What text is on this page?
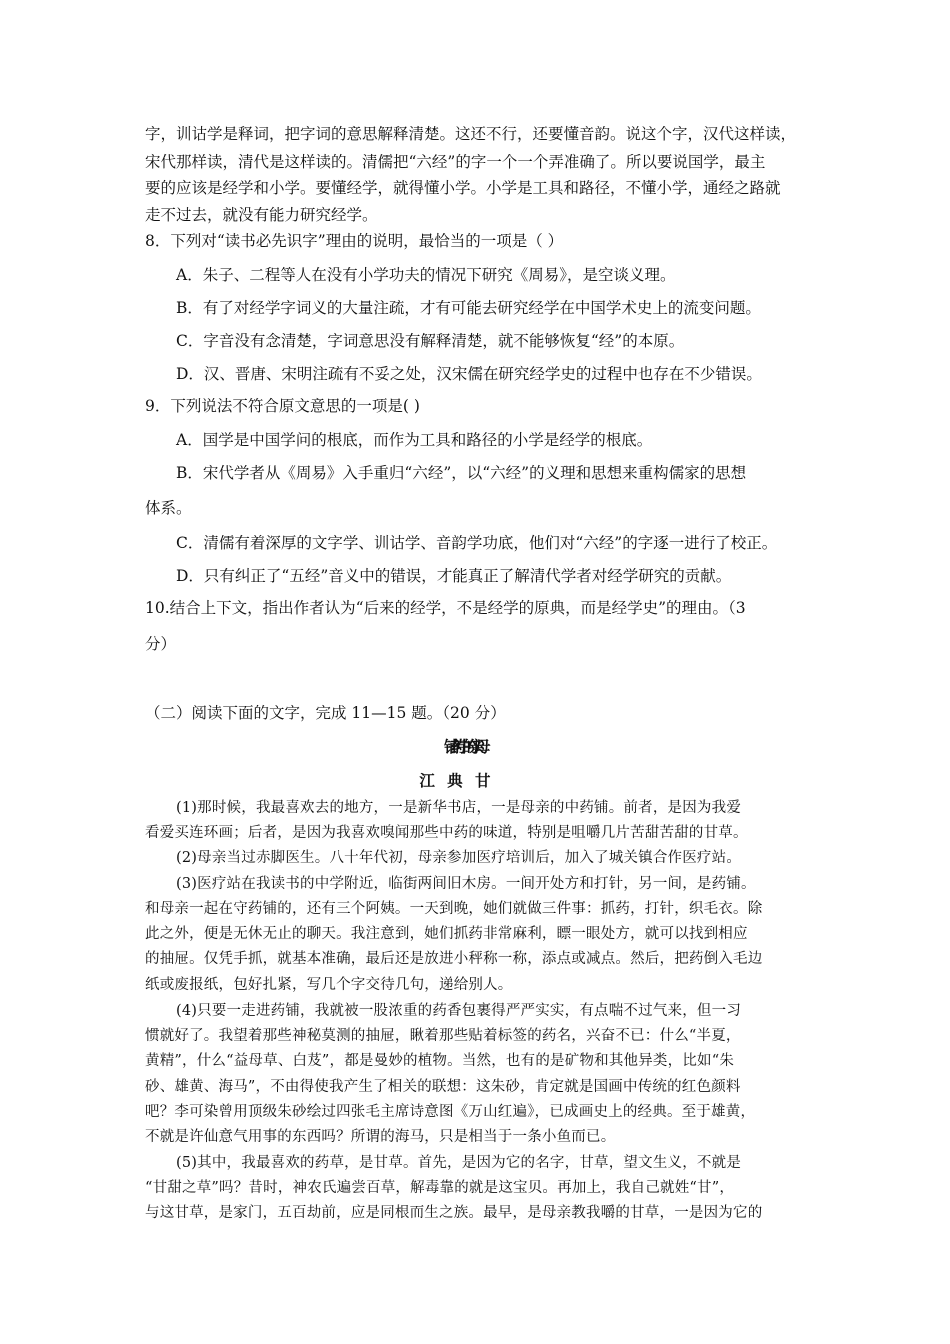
字，训诂学是释词，把字词的意思解释清楚。这还不行，还要懂音韵。说这个字，汉代这样读，
宋代那样读，清代是这样读的。清儒把“六经”的字一个一个弄准确了。所以要说国学，最主
要的应该是经学和小学。要懂经学，就得懂小学。小学是工具和路径，不懂小学，通经之路就
走不过去，就没有能力研究经学。
8．下列对“读书必先识字”理由的说明，最恰当的一项是（ ）
A．朱子、二程等人在没有小学功夫的情况下研究《周易》，是空谈义理。
B．有了对经学字词义的大量注疏，才有可能去研究经学在中国学术史上的流变问题。
C．字音没有念清楚，字词意思没有解释清楚，就不能够恢复“经”的本原。
D．汉、晋唐、宋明注疏有不妥之处，汉宋儒在研究经学史的过程中也存在不少错误。
9．下列说法不符合原文意思的一项是( )
A．国学是中国学问的根底，而作为工具和路径的小学是经学的根底。
B．宋代学者从《周易》入手重归“六经”，以“六经”的义理和思想来重构儒家的思想
体系。
C．清儒有着深厚的文字学、训诂学、音韵学功底，他们对“六经”的字逐一进行了校正。
D．只有纠正了“五经”音义中的错误，才能真正了解清代学者对经学研究的贡献。
10.结合上下文，指出作者认为“后来的经学，不是经学的原典，而是经学史”的理由。（3
分）
（二）阅读下面的文字，完成 11—15 题。（20 分）
(1)那时候，我最喜欢去的地方，一是新华书店，一是母亲的中药铺。前者，是因为我爱
看爱买连环画；后者，是因为我喜欢嗅闻那些中药的味道，特别是咀嚼几片苦甜苦甜的甘草。
(2)母亲当过赤脚医生。八十年代初，母亲参加医疗培训后，加入了城关镇合作医疗站。
(3)医疗站在我读书的中学附近，临街两间旧木房。一间开处方和打针，另一间，是药铺。
和母亲一起在守药铺的，还有三个阿姨。一天到晚，她们就做三件事：抓药，打针，织毛衣。除
此之外，便是无休无止的聊天。我注意到，她们抓药非常麻利，瞟一眼处方，就可以找到相应
的抽屉。仅凭手抓，就基本准确，最后还是放进小秤称一称，添点或减点。然后，把药倒入毛边
纸或废报纸，包好扎紧，写几个字交待几句，递给别人。
(4)只要一走进药铺，我就被一股浓重的药香包裹得严严实实，有点喘不过气来，但一习
惯就好了。我望着那些神秘莫测的抽屉，瞅着那些贴着标签的药名，兴奋不已：什么“半夏，
黄精”，什么“益母草、白芨”，都是曼妙的植物。当然，也有的是矿物和其他异类，比如“朱
砂、雄黄、海马”，不由得使我产生了相关的联想：这朱砂，肯定就是国画中传统的红色颜料
吧？李可染曾用顶级朱砂绘过四张毛主席诗意图《万山红遍》，已成画史上的经典。至于雄黄，
不就是许仙意气用事的东西吗？所谓的海马，只是相当于一条小鱼而已。
(5)其中，我最喜欢的药草，是甘草。首先，是因为它的名字，甘草，望文生义，不就是
“甘甜之草”吗？昔时，神农氏遍尝百草，解毒靠的就是这宝贝。再加上，我自己就姓“甘”，
与这甘草，是家门，五百劫前，应是同根而生之族。最早，是母亲教我嚼的甘草，一是因为它的
